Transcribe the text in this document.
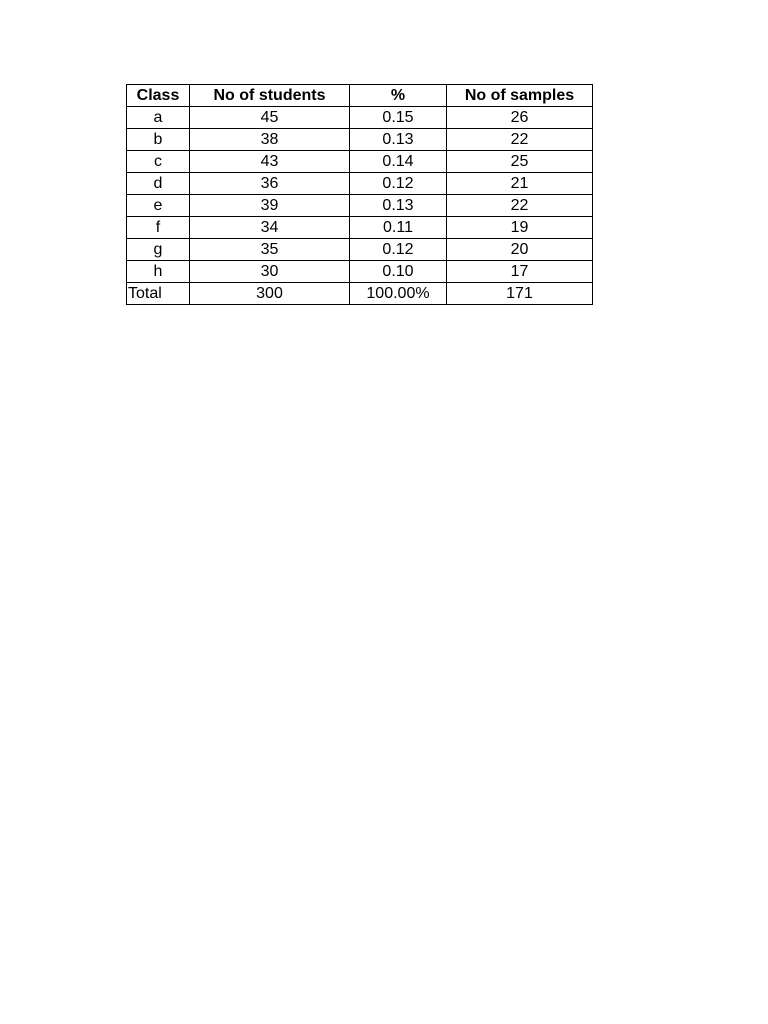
Class	No of students	%	No of samples
a	45	0.15	26
b	38	0.13	22
c	43	0.14	25
d	36	0.12	21
e	39	0.13	22
f	34	0.11	19
g	35	0.12	20
h	30	0.10	17
Total	300	100.00%	171
